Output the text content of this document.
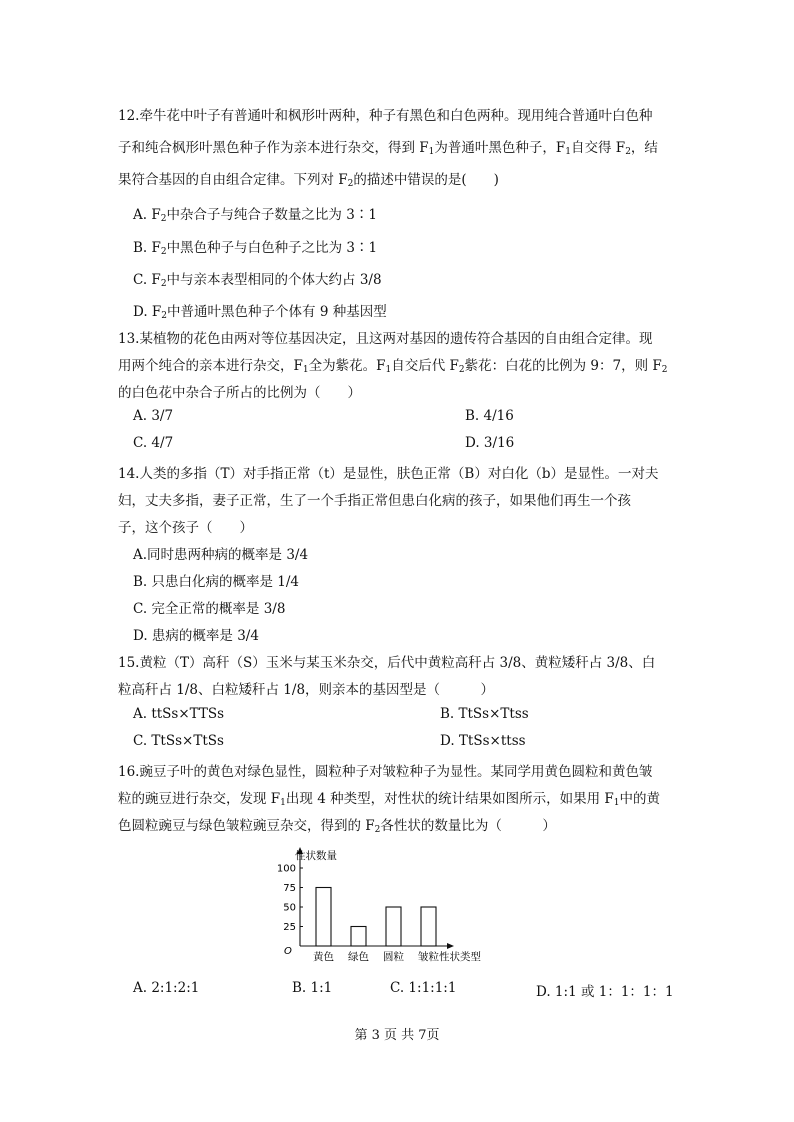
12.牵牛花中叶子有普通叶和枫形叶两种，种子有黑色和白色两种。现用纯合普通叶白色种
子和纯合枫形叶黑色种子作为亲本进行杂交，得到 $F_1$为普通叶黑色种子，$F_1$自交得 $F_2$，结
果符合基因的自由组合定律。下列对 $F_2$的描述中错误的是(　　)
A. $F_2$中杂合子与纯合子数量之比为 3∶1
B. $F_2$中黑色种子与白色种子之比为 3∶1
C. $F_2$中与亲本表型相同的个体大约占 3/8
D. $F_2$中普通叶黑色种子个体有 9 种基因型
13.某植物的花色由两对等位基因决定，且这两对基因的遗传符合基因的自由组合定律。现
用两个纯合的亲本进行杂交，$F_1$全为紫花。$F_1$自交后代 $F_2$紫花：白花的比例为 9：7，则 $F_2$
的白色花中杂合子所占的比例为（　　）
A. 3/7	B. 4/16
C. 4/7	D. 3/16
14.人类的多指（T）对手指正常（t）是显性，肤色正常（B）对白化（b）是显性。一对夫
妇，丈夫多指，妻子正常，生了一个手指正常但患白化病的孩子，如果他们再生一个孩
子，这个孩子（　　）
A.同时患两种病的概率是 3/4
B. 只患白化病的概率是 1/4
C. 完全正常的概率是 3/8
D. 患病的概率是 3/4
15.黄粒（T）高秆（S）玉米与某玉米杂交，后代中黄粒高秆占 3/8、黄粒矮秆占 3/8、白
粒高秆占 1/8、白粒矮秆占 1/8，则亲本的基因型是（　　　）
A. ttSs×TTSs	B. TtSs×Ttss
C. TtSs×TtSs	D. TtSs×ttss
16.豌豆子叶的黄色对绿色显性，圆粒种子对皱粒种子为显性。某同学用黄色圆粒和黄色皱
粒的豌豆进行杂交，发现 $F_1$出现 4 种类型，对性状的统计结果如图所示，如果用 $F_1$中的黄
色圆粒豌豆与绿色皱粒豌豆杂交，得到的 $F_2$各性状的数量比为（　　　）
黄色 绿色 圆粒 皱粒
100
75
50
25
性状数量
性状类型
O
A. 2:1:2:1	B. 1:1	C. 1:1:1:1	D. 1:1 或 1：1：1：1
第 3 页 共 7页
